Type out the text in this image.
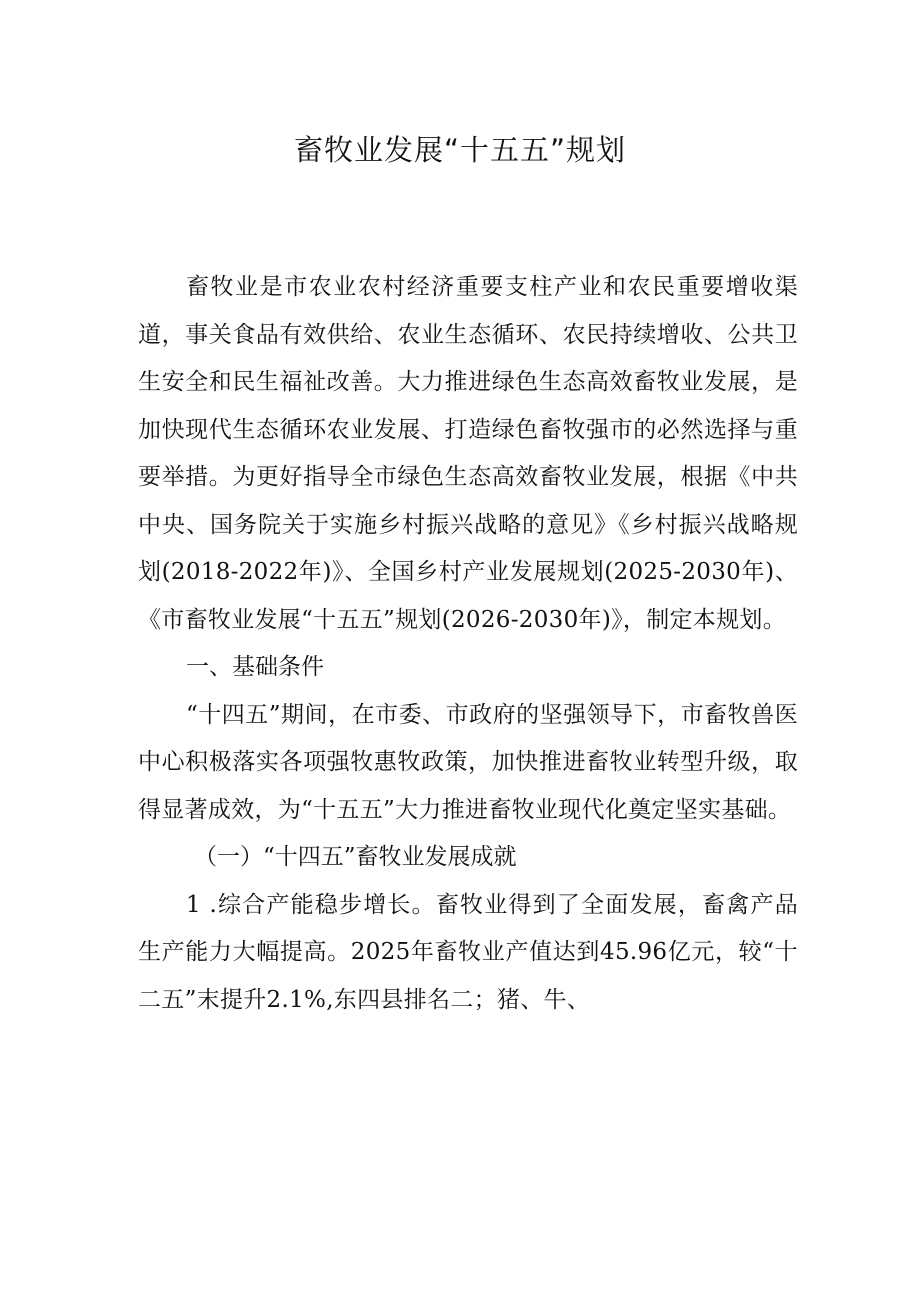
畜牧业发展“十五五”规划

畜牧业是市农业农村经济重要支柱产业和农民重要增收渠道，事关食品有效供给、农业生态循环、农民持续增收、公共卫生安全和民生福祉改善。大力推进绿色生态高效畜牧业发展，是加快现代生态循环农业发展、打造绿色畜牧强市的必然选择与重要举措。为更好指导全市绿色生态高效畜牧业发展，根据《中共中央、国务院关于实施乡村振兴战略的意见》《乡村振兴战略规划(2018-2022年)》、全国乡村产业发展规划(2025-2030年)、《市畜牧业发展“十五五”规划(2026-2030年)》，制定本规划。

一、基础条件

“十四五”期间，在市委、市政府的坚强领导下，市畜牧兽医中心积极落实各项强牧惠牧政策，加快推进畜牧业转型升级，取得显著成效，为“十五五”大力推进畜牧业现代化奠定坚实基础。

（一）“十四五”畜牧业发展成就

1 .综合产能稳步增长。畜牧业得到了全面发展，畜禽产品生产能力大幅提高。2025年畜牧业产值达到45.96亿元，较“十二五”末提升2.1%,东四县排名二；猪、牛、
